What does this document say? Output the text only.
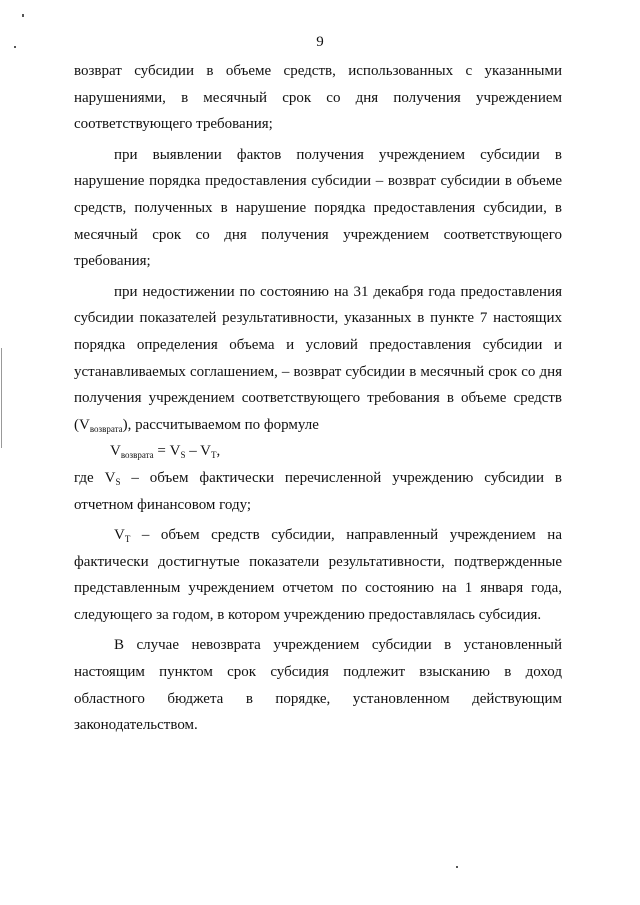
9

возврат субсидии в объеме средств, использованных с указанными нарушениями, в месячный срок со дня получения учреждением соответствующего требования;

при выявлении фактов получения учреждением субсидии в нарушение порядка предоставления субсидии – возврат субсидии в объеме средств, полученных в нарушение порядка предоставления субсидии, в месячный срок со дня получения учреждением соответствующего требования;

при недостижении по состоянию на 31 декабря года предоставления субсидии показателей результативности, указанных в пункте 7 настоящих порядка определения объема и условий предоставления субсидии и устанавливаемых соглашением, – возврат субсидии в месячный срок со дня получения учреждением соответствующего требования в объеме средств $(V_{возврата})$, рассчитываемом по формуле

$V_{возврата} = V_S - V_T$,

где $V_S$ – объем фактически перечисленной учреждению субсидии в отчетном финансовом году;

$V_T$ – объем средств субсидии, направленный учреждением на фактически достигнутые показатели результативности, подтвержденные представленным учреждением отчетом по состоянию на 1 января года, следующего за годом, в котором учреждению предоставлялась субсидия.

В случае невозврата учреждением субсидии в установленный настоящим пунктом срок субсидия подлежит взысканию в доход областного бюджета в порядке, установленном действующим законодательством.
